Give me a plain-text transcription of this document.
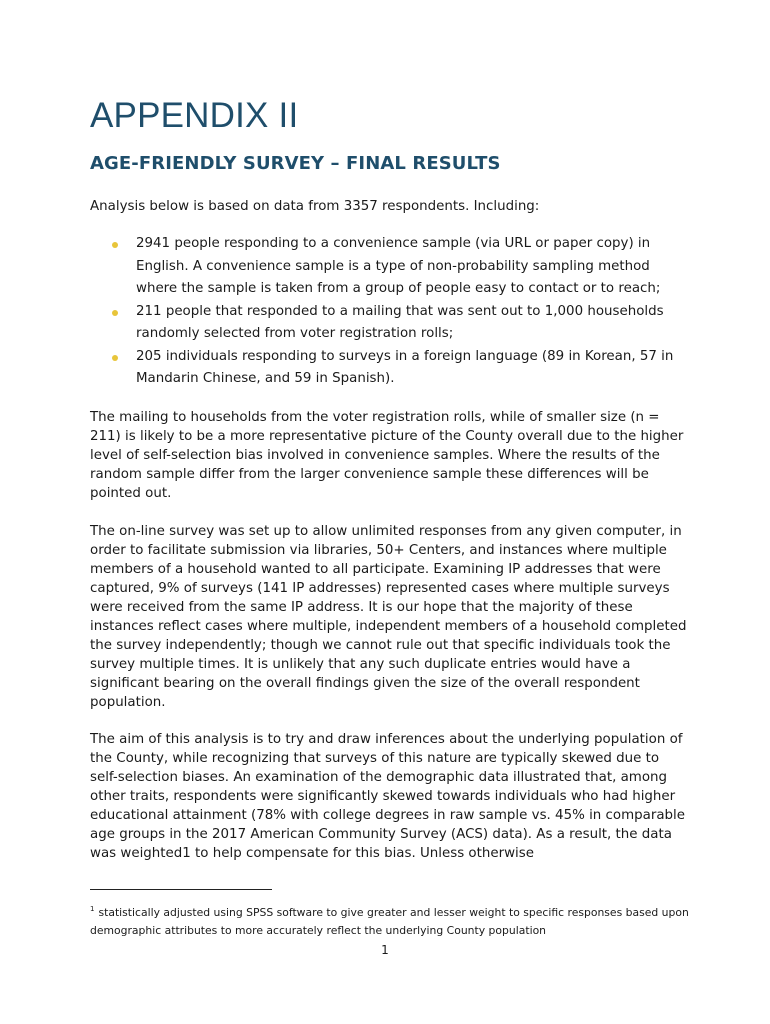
APPENDIX II
AGE-FRIENDLY SURVEY – FINAL RESULTS

Analysis below is based on data from 3357 respondents. Including:

2941 people responding to a convenience sample (via URL or paper copy) in English. A convenience sample is a type of non-probability sampling method where the sample is taken from a group of people easy to contact or to reach;
211 people that responded to a mailing that was sent out to 1,000 households randomly selected from voter registration rolls;
205 individuals responding to surveys in a foreign language (89 in Korean, 57 in Mandarin Chinese, and 59 in Spanish).

The mailing to households from the voter registration rolls, while of smaller size (n = 211) is likely to be a more representative picture of the County overall due to the higher level of self-selection bias involved in convenience samples. Where the results of the random sample differ from the larger convenience sample these differences will be pointed out.

The on-line survey was set up to allow unlimited responses from any given computer, in order to facilitate submission via libraries, 50+ Centers, and instances where multiple members of a household wanted to all participate. Examining IP addresses that were captured, 9% of surveys (141 IP addresses) represented cases where multiple surveys were received from the same IP address. It is our hope that the majority of these instances reflect cases where multiple, independent members of a household completed the survey independently; though we cannot rule out that specific individuals took the survey multiple times. It is unlikely that any such duplicate entries would have a significant bearing on the overall findings given the size of the overall respondent population.

The aim of this analysis is to try and draw inferences about the underlying population of the County, while recognizing that surveys of this nature are typically skewed due to self-selection biases. An examination of the demographic data illustrated that, among other traits, respondents were significantly skewed towards individuals who had higher educational attainment (78% with college degrees in raw sample vs. 45% in comparable age groups in the 2017 American Community Survey (ACS) data). As a result, the data was weighted1 to help compensate for this bias. Unless otherwise

$^1$ statistically adjusted using SPSS software to give greater and lesser weight to specific responses based upon demographic attributes to more accurately reflect the underlying County population

1
